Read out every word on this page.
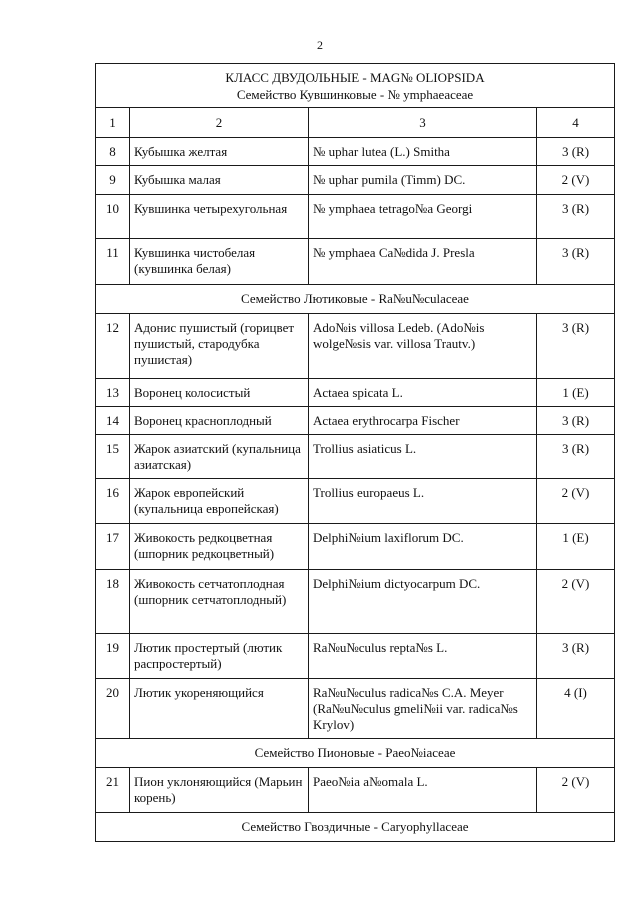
2
КЛАСС ДВУДОЛЬНЫЕ - MAG№ OLIOPSIDA
Семейство Кувшинковые - № ymphaeaceae			

1	2	3	4
8	Кубышка желтая	№ uphar lutea (L.) Smitha	3 (R)
9	Кубышка малая	№ uphar pumila (Timm) DC.	2 (V)
10	Кувшинка четырехугольная	№ ymphaea tetrago№a Georgi	3 (R)
11	Кувшинка чистобелая (кувшинка белая)	№ ymphaea Ca№dida J. Presla	3 (R)
Семейство Лютиковые - Ra№u№culaceae			
12	Адонис пушистый (горицвет пушистый, стародубка пушистая)	Ado№is villosa Ledeb. (Ado№is wolge№sis var. villosa Trautv.)	3 (R)
13	Воронец колосистый	Actaea spicata L.	1 (E)
14	Воронец красноплодный	Actaea erythrocarpa Fischer	3 (R)
15	Жарок азиатский (купальница азиатская)	Trollius asiaticus L.	3 (R)
16	Жарок европейский (купальница европейская)	Trollius europaeus L.	2 (V)
17	Живокость редкоцветная (шпорник редкоцветный)	Delphi№ium laxiflorum DC.	1 (E)
18	Живокость сетчатоплодная (шпорник сетчатоплодный)	Delphi№ium dictyocarpum DC.	2 (V)
19	Лютик простертый (лютик распростертый)	Ra№u№culus repta№s L.	3 (R)
20	Лютик укореняющийся	Ra№u№culus radica№s C.A. Meyer (Ra№u№culus gmeli№ii var. radica№s Krylov)	4 (I)
Семейство Пионовые - Paeo№iaceae			
21	Пион уклоняющийся (Марьин корень)	Paeo№ia a№omala L.	2 (V)
Семейство Гвоздичные - Caryophyllaceae			
